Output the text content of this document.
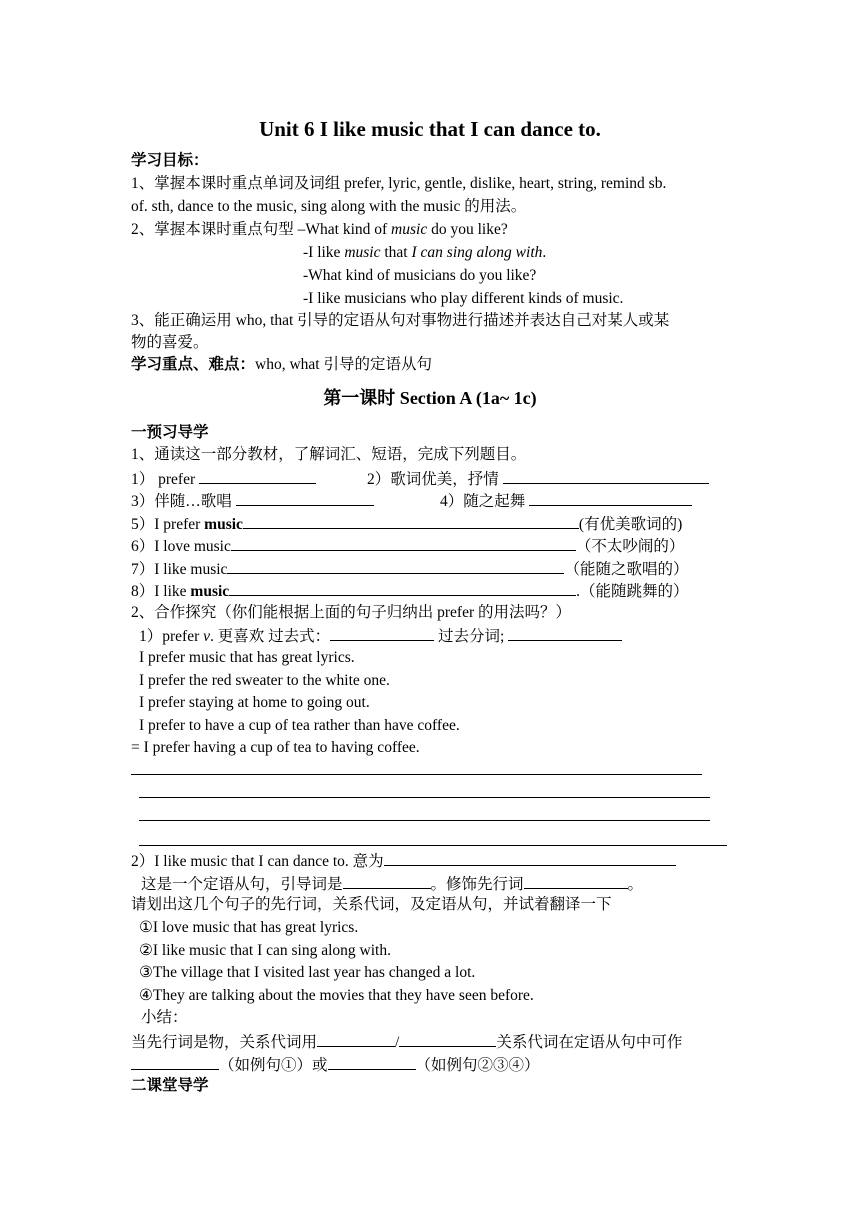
Unit 6 I like music that I can dance to.
学习目标：
1、掌握本课时重点单词及词组 prefer, lyric, gentle, dislike, heart, string, remind sb.
of. sth, dance to the music, sing along with the music 的用法。
2、掌握本课时重点句型 –What kind of music do you like?
-I like music that I can sing along with.
-What kind of musicians do you like?
-I like musicians who play different kinds of music.
3、能正确运用 who, that 引导的定语从句对事物进行描述并表达自己对某人或某
物的喜爱。
学习重点、难点：who, what 引导的定语从句
第一课时 Section A (1a~ 1c)
一预习导学
1、通读这一部分教材，了解词汇、短语，完成下列题目。
1） prefer	2）歌词优美，抒情
3）伴随…歌唱	4）随之起舞
5）I prefer music	(有优美歌词的)
6）I love music	（不太吵闹的）
7）I like music	（能随之歌唱的）
8）I like music	.（能随跳舞的）
2、合作探究（你们能根据上面的句子归纳出 prefer 的用法吗？）
1）prefer v. 更喜欢 过去式：	过去分词;
I prefer music that has great lyrics.
I prefer the red sweater to the white one.
I prefer staying at home to going out.
I prefer to have a cup of tea rather than have coffee.
= I prefer having a cup of tea to having coffee.
2）I like music that I can dance to. 意为
这是一个定语从句，引导词是	。修饰先行词	。
请划出这几个句子的先行词，关系代词，及定语从句，并试着翻译一下
①I love music that has great lyrics.
②I like music that I can sing along with.
③The village that I visited last year has changed a lot.
④They are talking about the movies that they have seen before.
小结：
当先行词是物，关系代词用	/	关系代词在定语从句中可作
（如例句①）或	（如例句②③④）
二课堂导学
